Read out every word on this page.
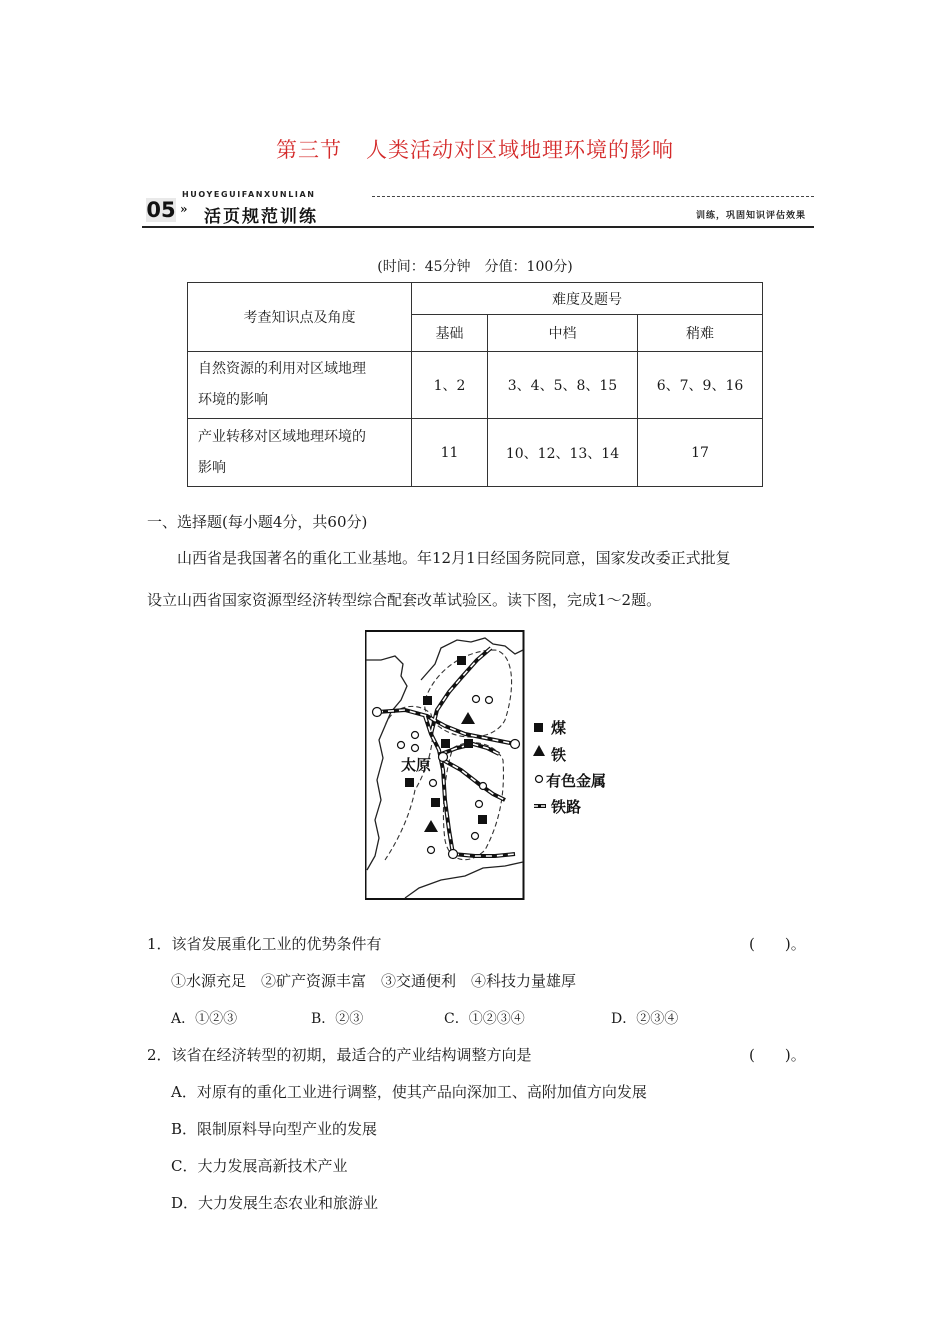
第三节 人类活动对区域地理环境的影响
HUOYEGUIFANXUNLIAN
05 » 活页规范训练	训练，巩固知识评估效果
(时间：45分钟　分值：100分)
考查知识点及角度	难度及题号		
	基础	中档	稍难

自然资源的利用对区域地理
环境的影响	1、2	3、4、5、8、15	6、7、9、16

产业转移对区域地理环境的
影响	11	10、12、13、14	17
一、选择题(每小题4分，共60分)
山西省是我国著名的重化工业基地。年12月1日经国务院同意，国家发改委正式批复
设立山西省国家资源型经济转型综合配套改革试验区。读下图，完成1～2题。
太原
煤
铁
有色金属
铁路
1．该省发展重化工业的优势条件有	(　　)。
①水源充足　②矿产资源丰富　③交通便利　④科技力量雄厚
A．①②③	B．②③	C．①②③④	D．②③④
2．该省在经济转型的初期，最适合的产业结构调整方向是	(　　)。
A．对原有的重化工业进行调整，使其产品向深加工、高附加值方向发展
B．限制原料导向型产业的发展
C．大力发展高新技术产业
D．大力发展生态农业和旅游业
